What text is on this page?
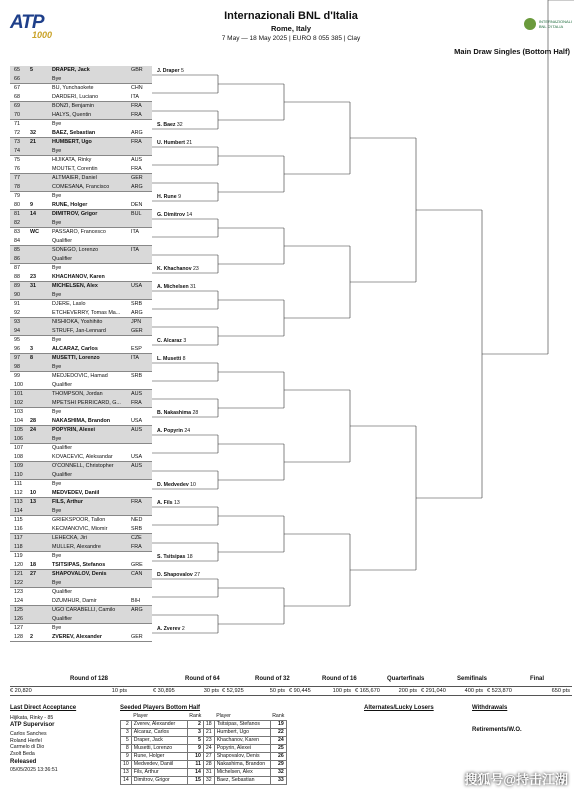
ATP
1000
Internazionali BNL d'Italia
Rome, Italy
7 May — 18 May 2025 | EURO 8 055 385 | Clay
INTERNAZIONALI
BNL D'ITALIA
Main Draw Singles (Bottom Half)
65	5	DRAPER, Jack	GBR
66	Bye
67	BU, Yunchaokete	CHN
68	DARDERI, Luciano	ITA
69	BONZI, Benjamin	FRA
70	HALYS, Quentin	FRA
71	Bye
72	32	BAEZ, Sebastian	ARG
73	21	HUMBERT, Ugo	FRA
74	Bye
75	HIJIKATA, Rinky	AUS
76	MOUTET, Corentin	FRA
77	ALTMAIER, Daniel	GER
78	COMESANA, Francisco	ARG
79	Bye
80	9	RUNE, Holger	DEN
81	14	DIMITROV, Grigor	BUL
82	Bye
83	WC	PASSARO, Francesco	ITA
84	Qualifier
85	SONEGO, Lorenzo	ITA
86	Qualifier
87	Bye
88	23	KHACHANOV, Karen
89	31	MICHELSEN, Alex	USA
90	Bye
91	DJERE, Laslo	SRB
92	ETCHEVERRY, Tomas Ma...	ARG
93	NISHIOKA, Yoshihito	JPN
94	STRUFF, Jan-Lennard	GER
95	Bye
96	3	ALCARAZ, Carlos	ESP
97	8	MUSETTI, Lorenzo	ITA
98	Bye
99	MEDJEDOVIC, Hamad	SRB
100	Qualifier
101	THOMPSON, Jordan	AUS
102	MPETSHI PERRICARD, G...	FRA
103	Bye
104	28	NAKASHIMA, Brandon	USA
105	24	POPYRIN, Alexei	AUS
106	Bye
107	Qualifier
108	KOVACEVIC, Aleksandar	USA
109	O'CONNELL, Christopher	AUS
110	Qualifier
111	Bye
112	10	MEDVEDEV, Daniil
113	13	FILS, Arthur	FRA
114	Bye
115	GRIEKSPOOR, Tallon	NED
116	KECMANOVIC, Miomir	SRB
117	LEHECKA, Jiri	CZE
118	MULLER, Alexandre	FRA
119	Bye
120	18	TSITSIPAS, Stefanos	GRE
121	27	SHAPOVALOV, Denis	CAN
122	Bye
123	Qualifier
124	DZUMHUR, Damir	BIH
125	UGO CARABELLI, Camilo	ARG
126	Qualifier
127	Bye
128	2	ZVEREV, Alexander	GER
J. Draper 5
S. Baez 32
U. Humbert 21
H. Rune 9
G. Dimitrov 14
K. Khachanov 23
A. Michelsen 31
C. Alcaraz 3
L. Musetti 8
B. Nakashima 28
A. Popyrin 24
D. Medvedev 10
A. Fils 13
S. Tsitsipas 18
D. Shapovalov 27
A. Zverev 2
Round of 128
€ 20,820	10 pts
Round of 64
€ 30,895	30 pts
Round of 32
€ 52,925	50 pts
Round of 16
€ 90,445	100 pts
Quarterfinals
€ 165,670	200 pts
Semifinals
€ 291,040	400 pts
Final
€ 523,870	650 pts
Last Direct Acceptance
Hijikata, Rinky - 85
ATP Supervisor
Carlos Sanches
Roland Herfel
Carmelo di Dio
Zsolt Beda
Released
05/05/2025 13:36:51
Seeded Players Bottom Half
	Player	Rank		Player	Rank
2	Zverev, Alexander	2	18	Tsitsipas, Stefanos	19
3	Alcaraz, Carlos	3	21	Humbert, Ugo	22
5	Draper, Jack	5	23	Khachanov, Karen	24
8	Musetti, Lorenzo	9	24	Popyrin, Alexei	25
9	Rune, Holger	10	27	Shapovalov, Denis	26
10	Medvedev, Daniil	11	28	Nakashima, Brandon	29
13	Fils, Arthur	14	31	Michelsen, Alex	32
14	Dimitrov, Grigor	15	32	Baez, Sebastian	33
Alternates/Lucky Losers	Withdrawals
Retirements/W.O.
搜狐号@持击江湖
